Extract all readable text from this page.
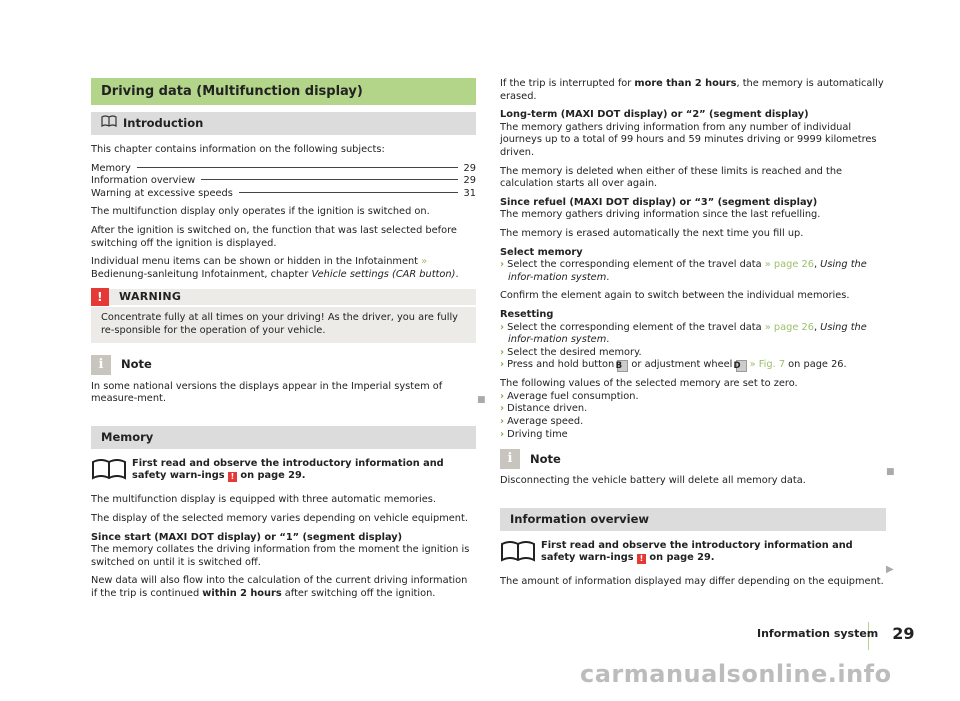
Driving data (Multifunction display)
Introduction

This chapter contains information on the following subjects:

Memory	29
Information overview	29
Warning at excessive speeds	31

The multifunction display only operates if the ignition is switched on.

After the ignition is switched on, the function that was last selected before switching off the ignition is displayed.

Individual menu items can be shown or hidden in the Infotainment » Bedienung-sanleitung Infotainment, chapter Vehicle settings (CAR button).

!	WARNING
Concentrate fully at all times on your driving! As the driver, you are fully re-sponsible for the operation of your vehicle.
i	Note

In some national versions the displays appear in the Imperial system of measure-ment.

Memory
First read and observe the introductory information and safety warn-ings ! on page 29.

The multifunction display is equipped with three automatic memories.

The display of the selected memory varies depending on vehicle equipment.

Since start (MAXI DOT display) or “1” (segment display)

The memory collates the driving information from the moment the ignition is switched on until it is switched off.

New data will also flow into the calculation of the current driving information if the trip is continued within 2 hours after switching off the ignition.

■

If the trip is interrupted for more than 2 hours, the memory is automatically erased.

Long-term (MAXI DOT display) or “2” (segment display)

The memory gathers driving information from any number of individual journeys up to a total of 99 hours and 59 minutes driving or 9999 kilometres driven.

The memory is deleted when either of these limits is reached and the calculation starts all over again.

Since refuel (MAXI DOT display) or “3” (segment display)

The memory gathers driving information since the last refuelling.

The memory is erased automatically the next time you fill up.

Select memory

› Select the corresponding element of the travel data » page 26, Using the infor-mation system.

Confirm the element again to switch between the individual memories.

Resetting

› Select the corresponding element of the travel data » page 26, Using the infor-mation system.

› Select the desired memory.

› Press and hold button B or adjustment wheel D » Fig. 7 on page 26.

The following values of the selected memory are set to zero.

› Average fuel consumption.

› Distance driven.

› Average speed.

› Driving time

i	Note

Disconnecting the vehicle battery will delete all memory data.

Information overview
First read and observe the introductory information and safety warn-ings ! on page 29.

The amount of information displayed may differ depending on the equipment.

■
▶
Information system 29
carmanualsonline.info
